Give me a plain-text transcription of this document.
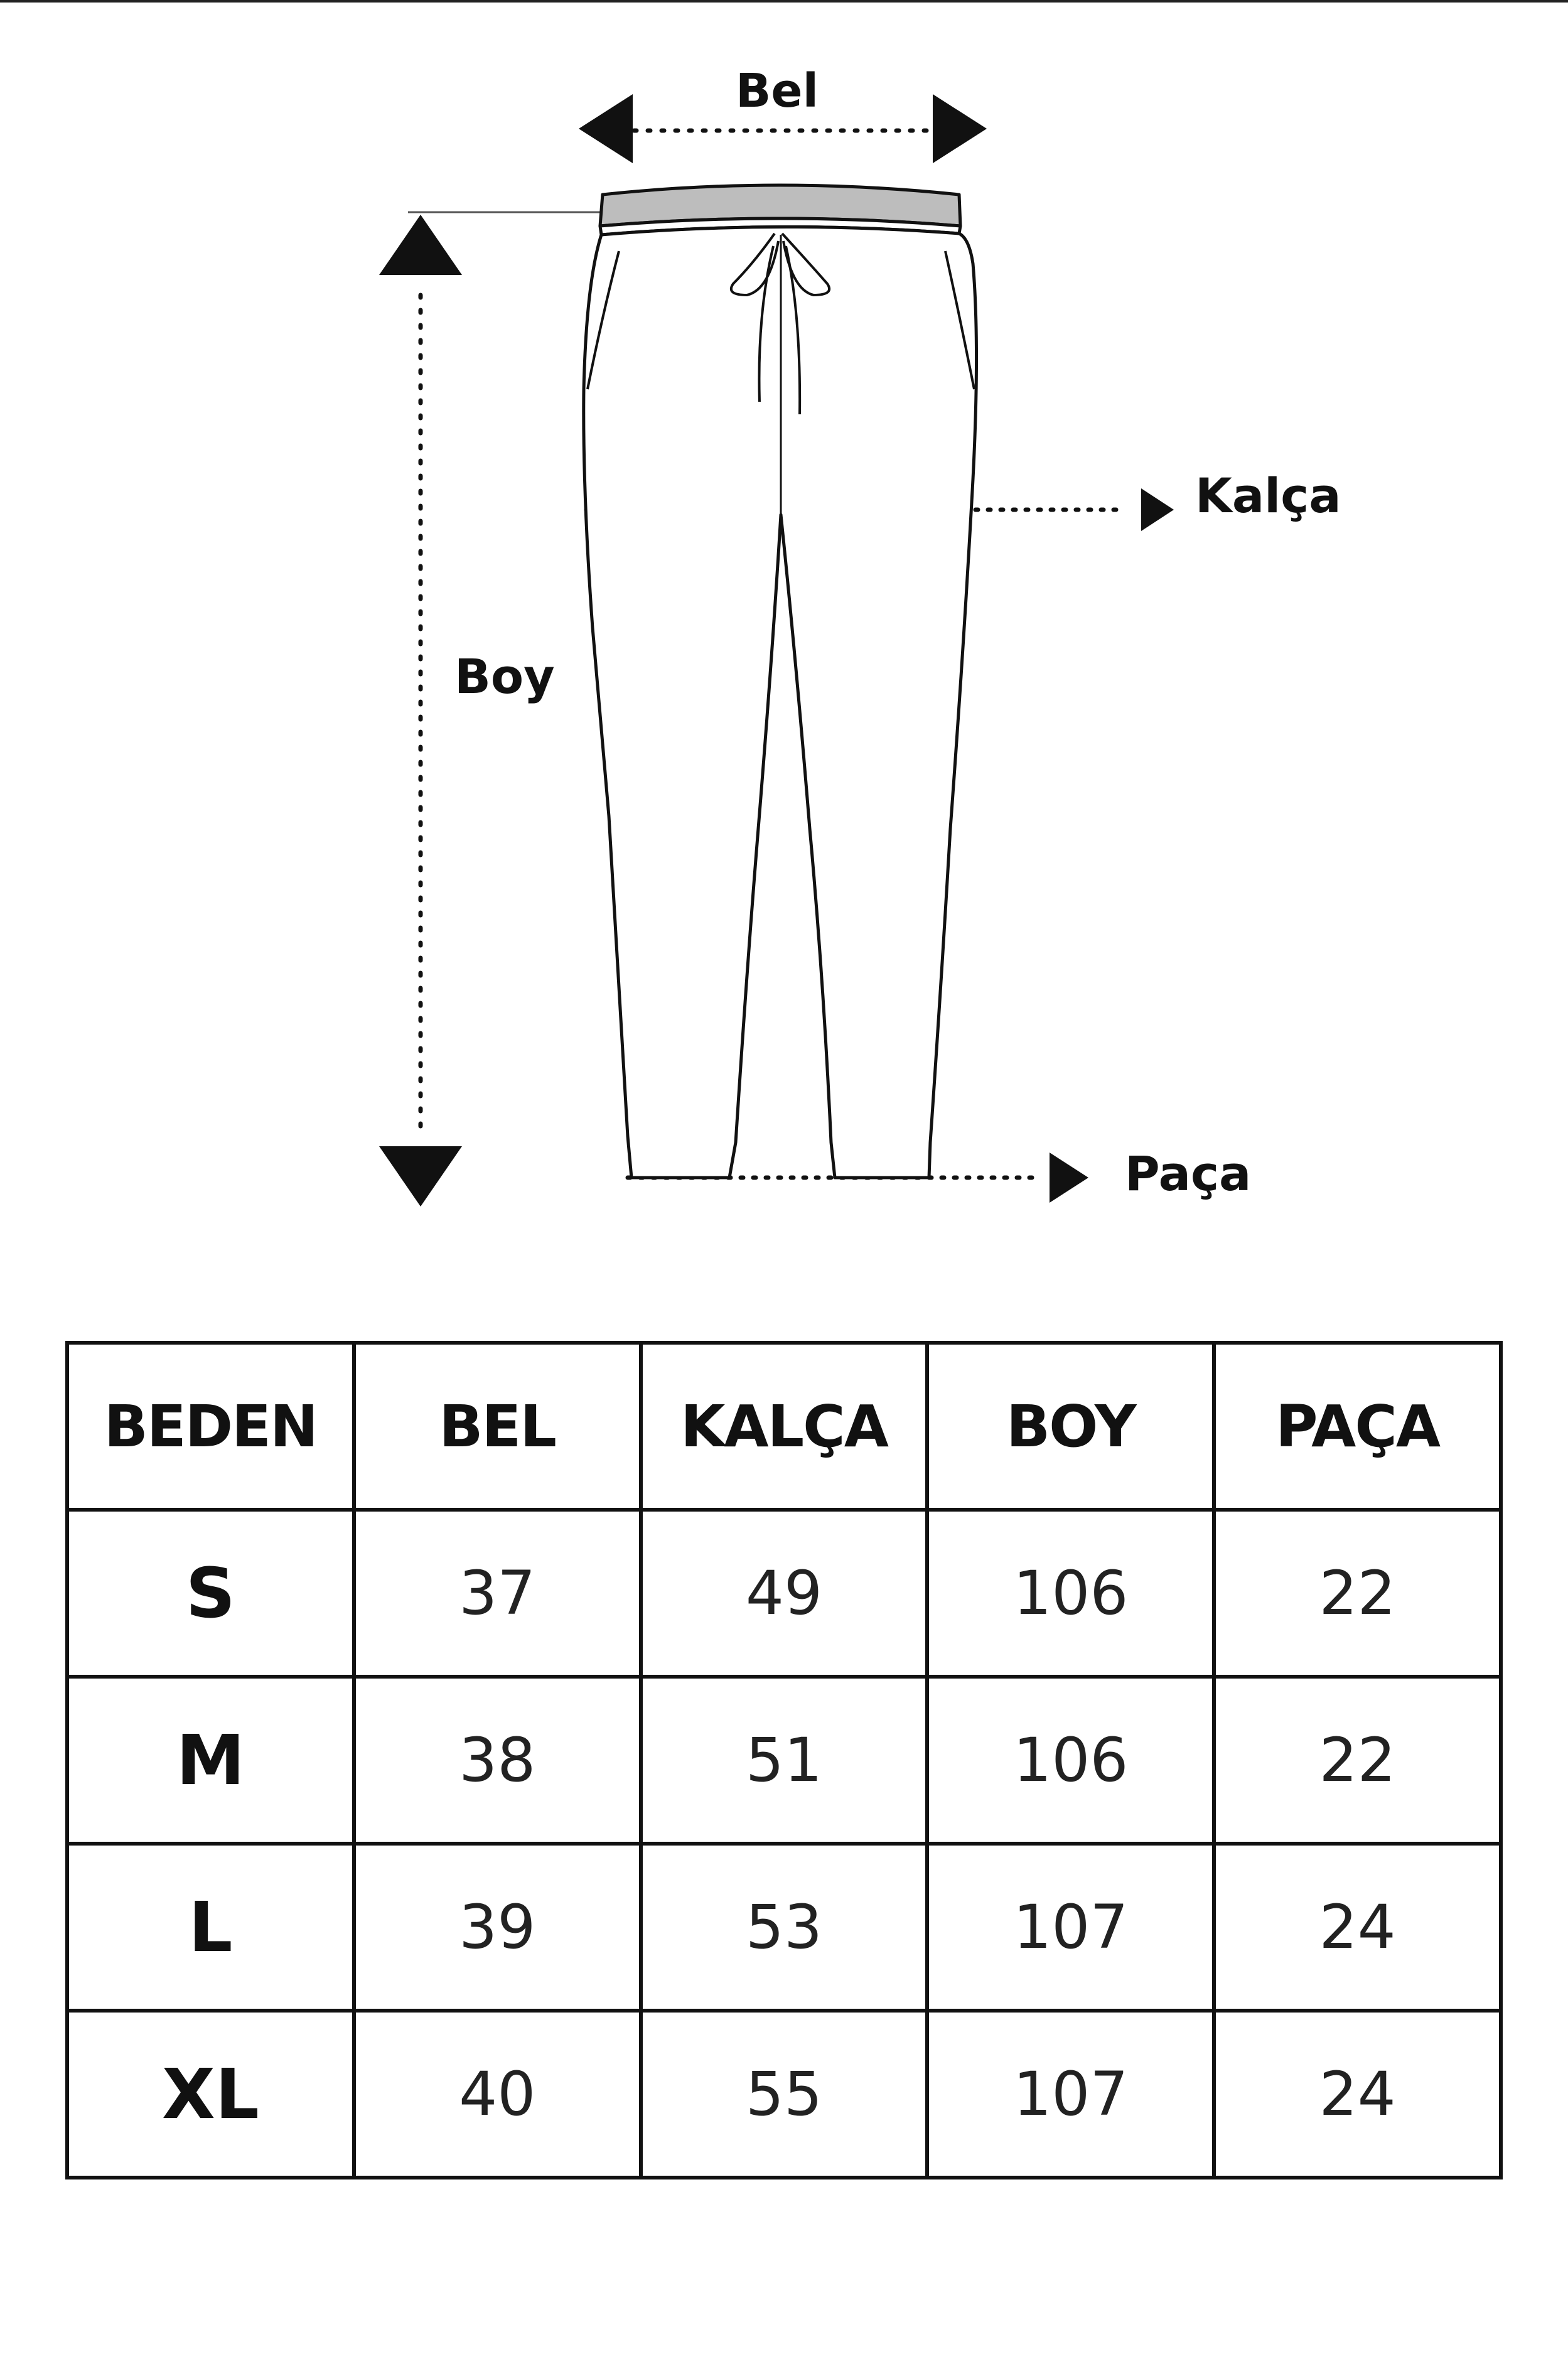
Bel
Kalça
Boy
Paça
BEDEN	BEL	KALÇA	BOY	PAÇA
S	37	49	106	22
M	38	51	106	22
L	39	53	107	24
XL	40	55	107	24
